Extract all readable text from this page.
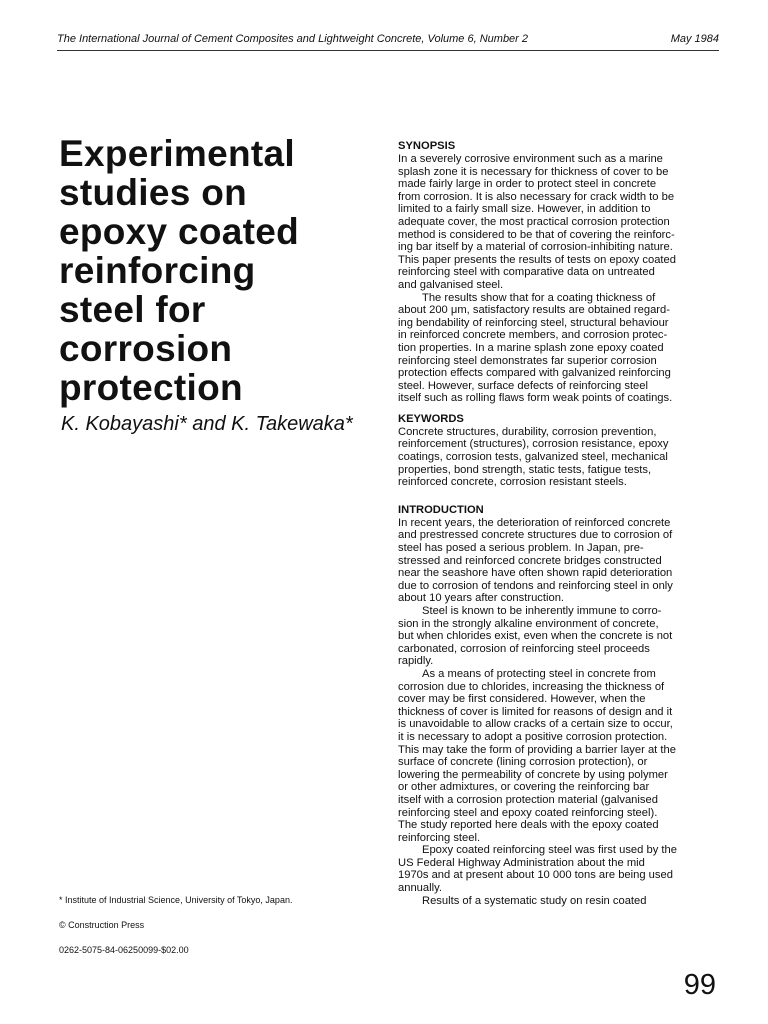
The International Journal of Cement Composites and Lightweight Concrete, Volume 6, Number 2	May 1984
Experimental
studies on
epoxy coated
reinforcing
steel for
corrosion
protection
K. Kobayashi* and K. Takewaka*
* Institute of Industrial Science, University of Tokyo, Japan.
© Construction Press
0262-5075-84-06250099-$02.00
SYNOPSIS
In a severely corrosive environment such as a marine
splash zone it is necessary for thickness of cover to be
made fairly large in order to protect steel in concrete
from corrosion. It is also necessary for crack width to be
limited to a fairly small size. However, in addition to
adequate cover, the most practical corrosion protection
method is considered to be that of covering the reinforc-
ing bar itself by a material of corrosion-inhibiting nature.
This paper presents the results of tests on epoxy coated
reinforcing steel with comparative data on untreated
and galvanised steel.
The results show that for a coating thickness of
about 200 μm, satisfactory results are obtained regard-
ing bendability of reinforcing steel, structural behaviour
in reinforced concrete members, and corrosion protec-
tion properties. In a marine splash zone epoxy coated
reinforcing steel demonstrates far superior corrosion
protection effects compared with galvanized reinforcing
steel. However, surface defects of reinforcing steel
itself such as rolling flaws form weak points of coatings.
KEYWORDS
Concrete structures, durability, corrosion prevention,
reinforcement (structures), corrosion resistance, epoxy
coatings, corrosion tests, galvanized steel, mechanical
properties, bond strength, static tests, fatigue tests,
reinforced concrete, corrosion resistant steels.
INTRODUCTION
In recent years, the deterioration of reinforced concrete
and prestressed concrete structures due to corrosion of
steel has posed a serious problem. In Japan, pre-
stressed and reinforced concrete bridges constructed
near the seashore have often shown rapid deterioration
due to corrosion of tendons and reinforcing steel in only
about 10 years after construction.
Steel is known to be inherently immune to corro-
sion in the strongly alkaline environment of concrete,
but when chlorides exist, even when the concrete is not
carbonated, corrosion of reinforcing steel proceeds
rapidly.
As a means of protecting steel in concrete from
corrosion due to chlorides, increasing the thickness of
cover may be first considered. However, when the
thickness of cover is limited for reasons of design and it
is unavoidable to allow cracks of a certain size to occur,
it is necessary to adopt a positive corrosion protection.
This may take the form of providing a barrier layer at the
surface of concrete (lining corrosion protection), or
lowering the permeability of concrete by using polymer
or other admixtures, or covering the reinforcing bar
itself with a corrosion protection material (galvanised
reinforcing steel and epoxy coated reinforcing steel).
The study reported here deals with the epoxy coated
reinforcing steel.
Epoxy coated reinforcing steel was first used by the
US Federal Highway Administration about the mid
1970s and at present about 10 000 tons are being used
annually.
Results of a systematic study on resin coated
99
